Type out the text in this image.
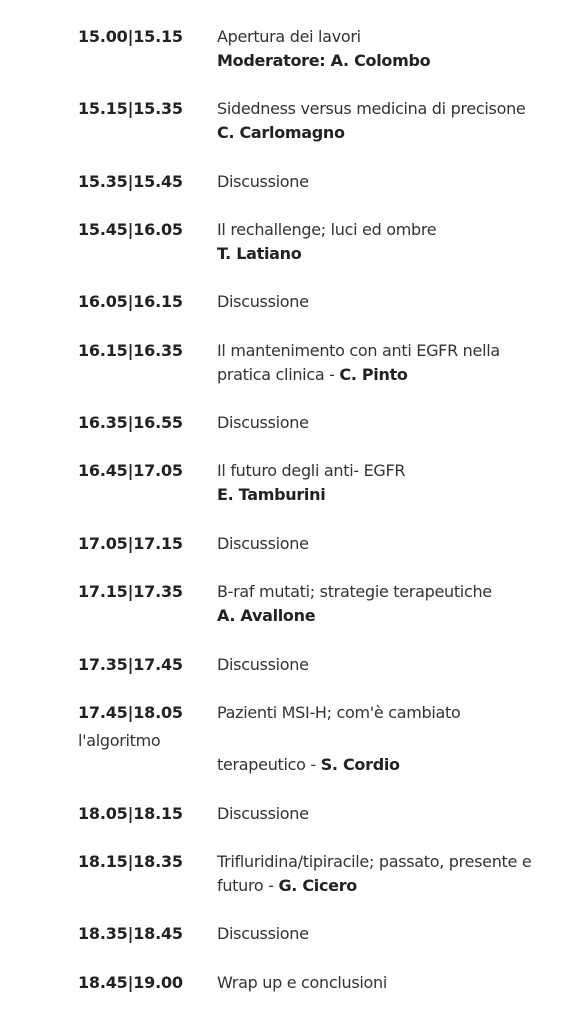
15.00|15.15 Apertura dei lavori
Moderatore: A. Colombo
15.15|15.35 Sidedness versus medicina di precisone
C. Carlomagno
15.35|15.45 Discussione
15.45|16.05 Il rechallenge; luci ed ombre
T. Latiano
16.05|16.15 Discussione
16.15|16.35 Il mantenimento con anti EGFR nella
pratica clinica - C. Pinto
16.35|16.55 Discussione
16.45|17.05 Il futuro degli anti- EGFR
E. Tamburini
17.05|17.15 Discussione
17.15|17.35 B-raf mutati; strategie terapeutiche
A. Avallone
17.35|17.45 Discussione
17.45|18.05 Pazienti MSI-H; com'è cambiato
l'algoritmo
terapeutico - S. Cordio
18.05|18.15 Discussione
18.15|18.35 Trifluridina/tipiracile; passato, presente e
futuro - G. Cicero
18.35|18.45 Discussione
18.45|19.00 Wrap up e conclusioni
